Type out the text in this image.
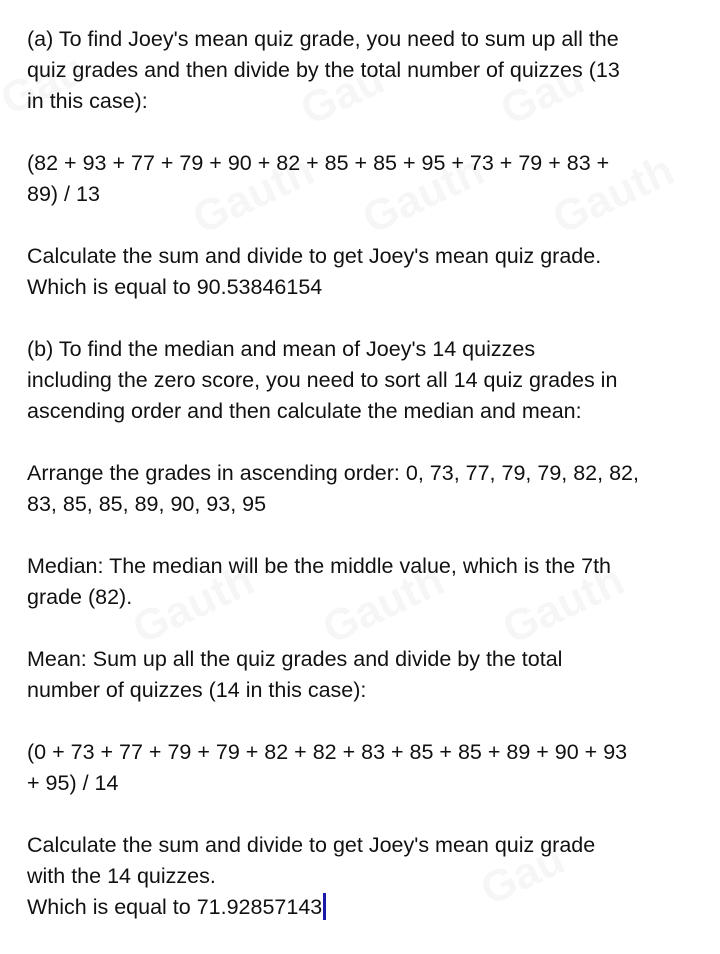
(a) To find Joey's mean quiz grade, you need to sum up all the
quiz grades and then divide by the total number of quizzes (13
in this case):

(82 + 93 + 77 + 79 + 90 + 82 + 85 + 85 + 95 + 73 + 79 + 83 +
89) / 13

Calculate the sum and divide to get Joey's mean quiz grade.
Which is equal to 90.53846154

(b) To find the median and mean of Joey's 14 quizzes
including the zero score, you need to sort all 14 quiz grades in
ascending order and then calculate the median and mean:

Arrange the grades in ascending order: 0, 73, 77, 79, 79, 82, 82,
83, 85, 85, 89, 90, 93, 95

Median: The median will be the middle value, which is the 7th
grade (82).

Mean: Sum up all the quiz grades and divide by the total
number of quizzes (14 in this case):

(0 + 73 + 77 + 79 + 79 + 82 + 82 + 83 + 85 + 85 + 89 + 90 + 93
+ 95) / 14

Calculate the sum and divide to get Joey's mean quiz grade
with the 14 quizzes.
Which is equal to 71.92857143
